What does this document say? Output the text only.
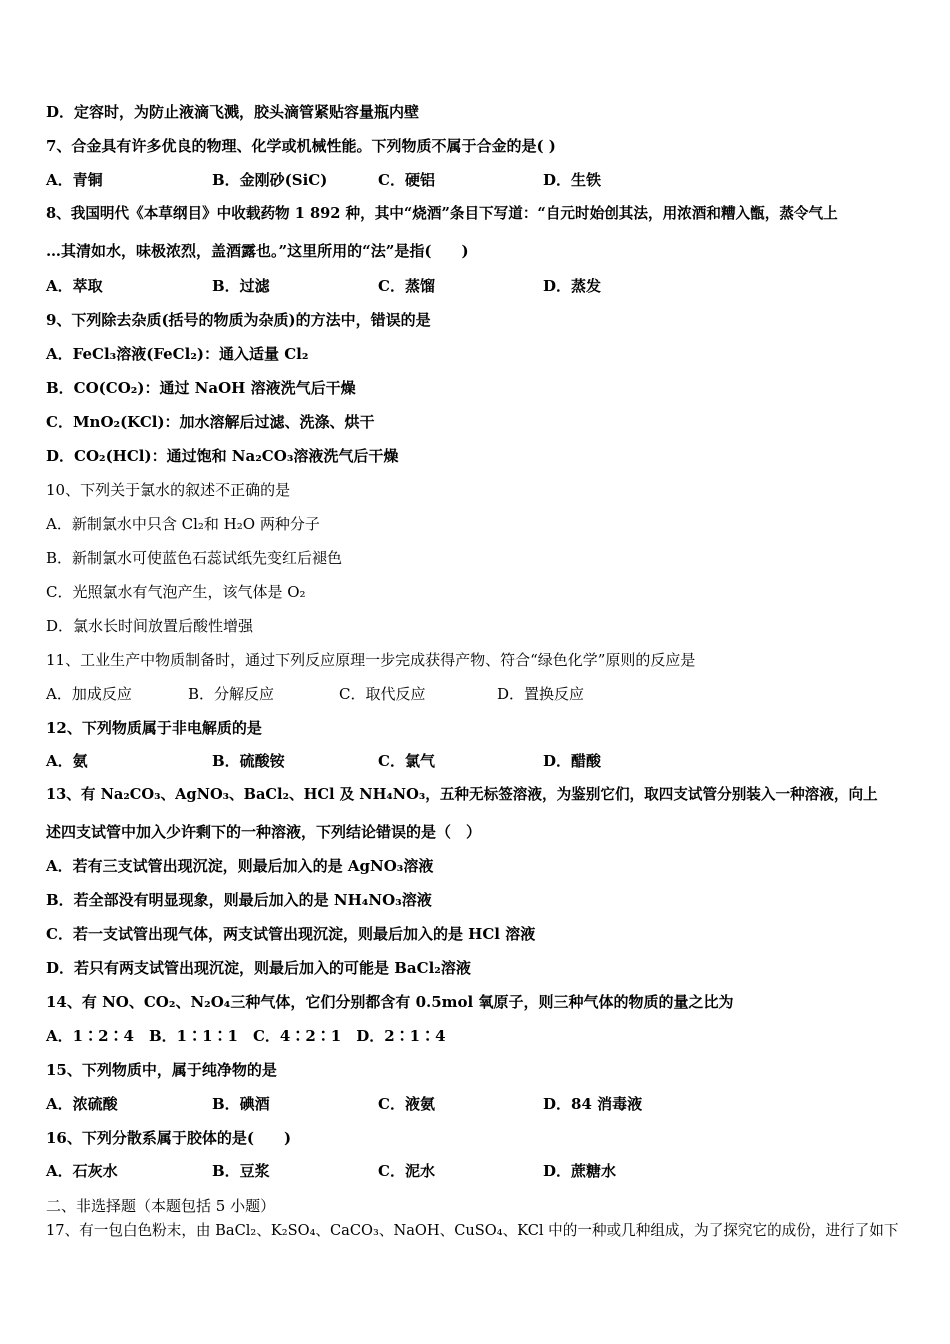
D．定容时，为防止液滴飞溅，胶头滴管紧贴容量瓶内壁
7、合金具有许多优良的物理、化学或机械性能。下列物质不属于合金的是( )
A．青铜	B．金刚砂(SiC)	C．硬铝	D．生铁
8、我国明代《本草纲目》中收载药物 1 892 种，其中“烧酒”条目下写道：“自元时始创其法，用浓酒和糟入甑，蒸令气上
…其清如水，味极浓烈，盖酒露也。”这里所用的“法”是指(　　)
A．萃取	B．过滤	C．蒸馏	D．蒸发
9、下列除去杂质(括号的物质为杂质)的方法中，错误的是
A．FeCl₃溶液(FeCl₂)：通入适量 Cl₂
B．CO(CO₂)：通过 NaOH 溶液洗气后干燥
C．MnO₂(KCl)：加水溶解后过滤、洗涤、烘干
D．CO₂(HCl)：通过饱和 Na₂CO₃溶液洗气后干燥
10、下列关于氯水的叙述不正确的是
A．新制氯水中只含 Cl₂和 H₂O 两种分子
B．新制氯水可使蓝色石蕊试纸先变红后褪色
C．光照氯水有气泡产生，该气体是 O₂
D．氯水长时间放置后酸性增强
11、工业生产中物质制备时，通过下列反应原理一步完成获得产物、符合“绿色化学”原则的反应是
A．加成反应	B．分解反应	C．取代反应	D．置换反应
12、下列物质属于非电解质的是
A．氨	B．硫酸铵	C．氯气	D．醋酸
13、有 Na₂CO₃、AgNO₃、BaCl₂、HCl 及 NH₄NO₃，五种无标签溶液，为鉴别它们，取四支试管分别装入一种溶液，向上
述四支试管中加入少许剩下的一种溶液，下列结论错误的是（　）
A．若有三支试管出现沉淀，则最后加入的是 AgNO₃溶液
B．若全部没有明显现象，则最后加入的是 NH₄NO₃溶液
C．若一支试管出现气体，两支试管出现沉淀，则最后加入的是 HCl 溶液
D．若只有两支试管出现沉淀，则最后加入的可能是 BaCl₂溶液
14、有 NO、CO₂、N₂O₄三种气体，它们分别都含有 0.5mol 氧原子，则三种气体的物质的量之比为
A．1∶2∶4　B．1∶1∶1　C．4∶2∶1　D．2∶1∶4
15、下列物质中，属于纯净物的是
A．浓硫酸	B．碘酒	C．液氨	D．84 消毒液
16、下列分散系属于胶体的是(　　)
A．石灰水	B．豆浆	C．泥水	D．蔗糖水
二、非选择题（本题包括 5 小题）
17、有一包白色粉末，由 BaCl₂、K₂SO₄、CaCO₃、NaOH、CuSO₄、KCl 中的一种或几种组成，为了探究它的成份，进行了如下
